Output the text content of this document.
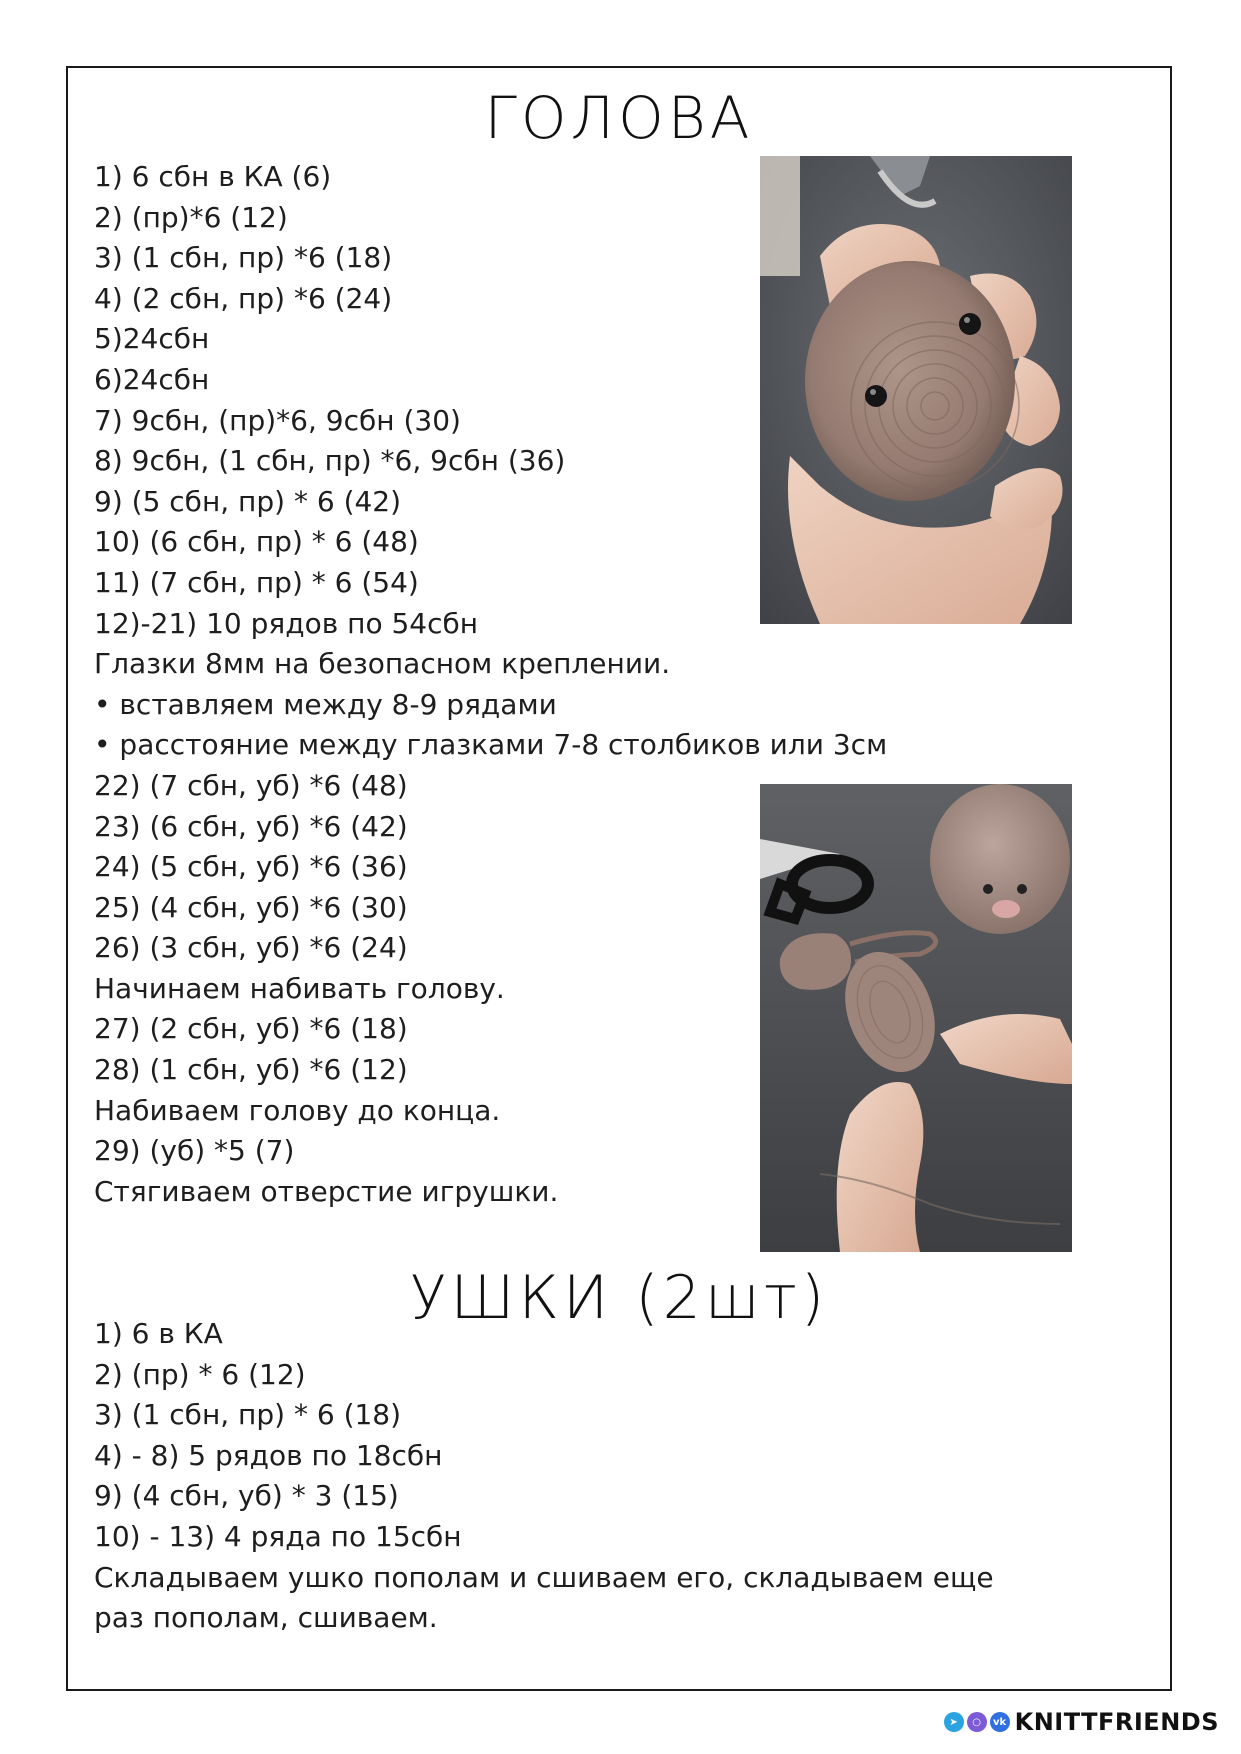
ГОЛОВА
1) 6 сбн в КА (6)
2) (пр)*6 (12)
3) (1 сбн, пр) *6 (18)
4) (2 сбн, пр) *6 (24)
5)24сбн
6)24сбн
7) 9сбн, (пр)*6, 9сбн (30)
8) 9сбн, (1 сбн, пр) *6, 9сбн (36)
9) (5 сбн, пр) * 6 (42)
10) (6 сбн, пр) * 6 (48)
11) (7 сбн, пр) * 6 (54)
12)-21) 10 рядов по 54сбн
Глазки 8мм на безопасном креплении.
• вставляем между 8-9 рядами
• расстояние между глазками 7-8 столбиков или 3см
22) (7 сбн, уб) *6 (48)
23) (6 сбн, уб) *6 (42)
24) (5 сбн, уб) *6 (36)
25) (4 сбн, уб) *6 (30)
26) (3 сбн, уб) *6 (24)
Начинаем набивать голову.
27) (2 сбн, уб) *6 (18)
28) (1 сбн, уб) *6 (12)
Набиваем голову до конца.
29) (уб) *5 (7)
Стягиваем отверстие игрушки.
УШКИ (2шт)
1) 6 в КА
2) (пр) * 6 (12)
3) (1 сбн, пр) * 6 (18)
4) - 8) 5 рядов по 18сбн
9) (4 сбн, уб) * 3 (15)
10) - 13) 4 ряда по 15сбн
Складываем ушко пополам и сшиваем его, складываем еще
раз пополам, сшиваем.
➤	○	vk KNITTFRIENDS
